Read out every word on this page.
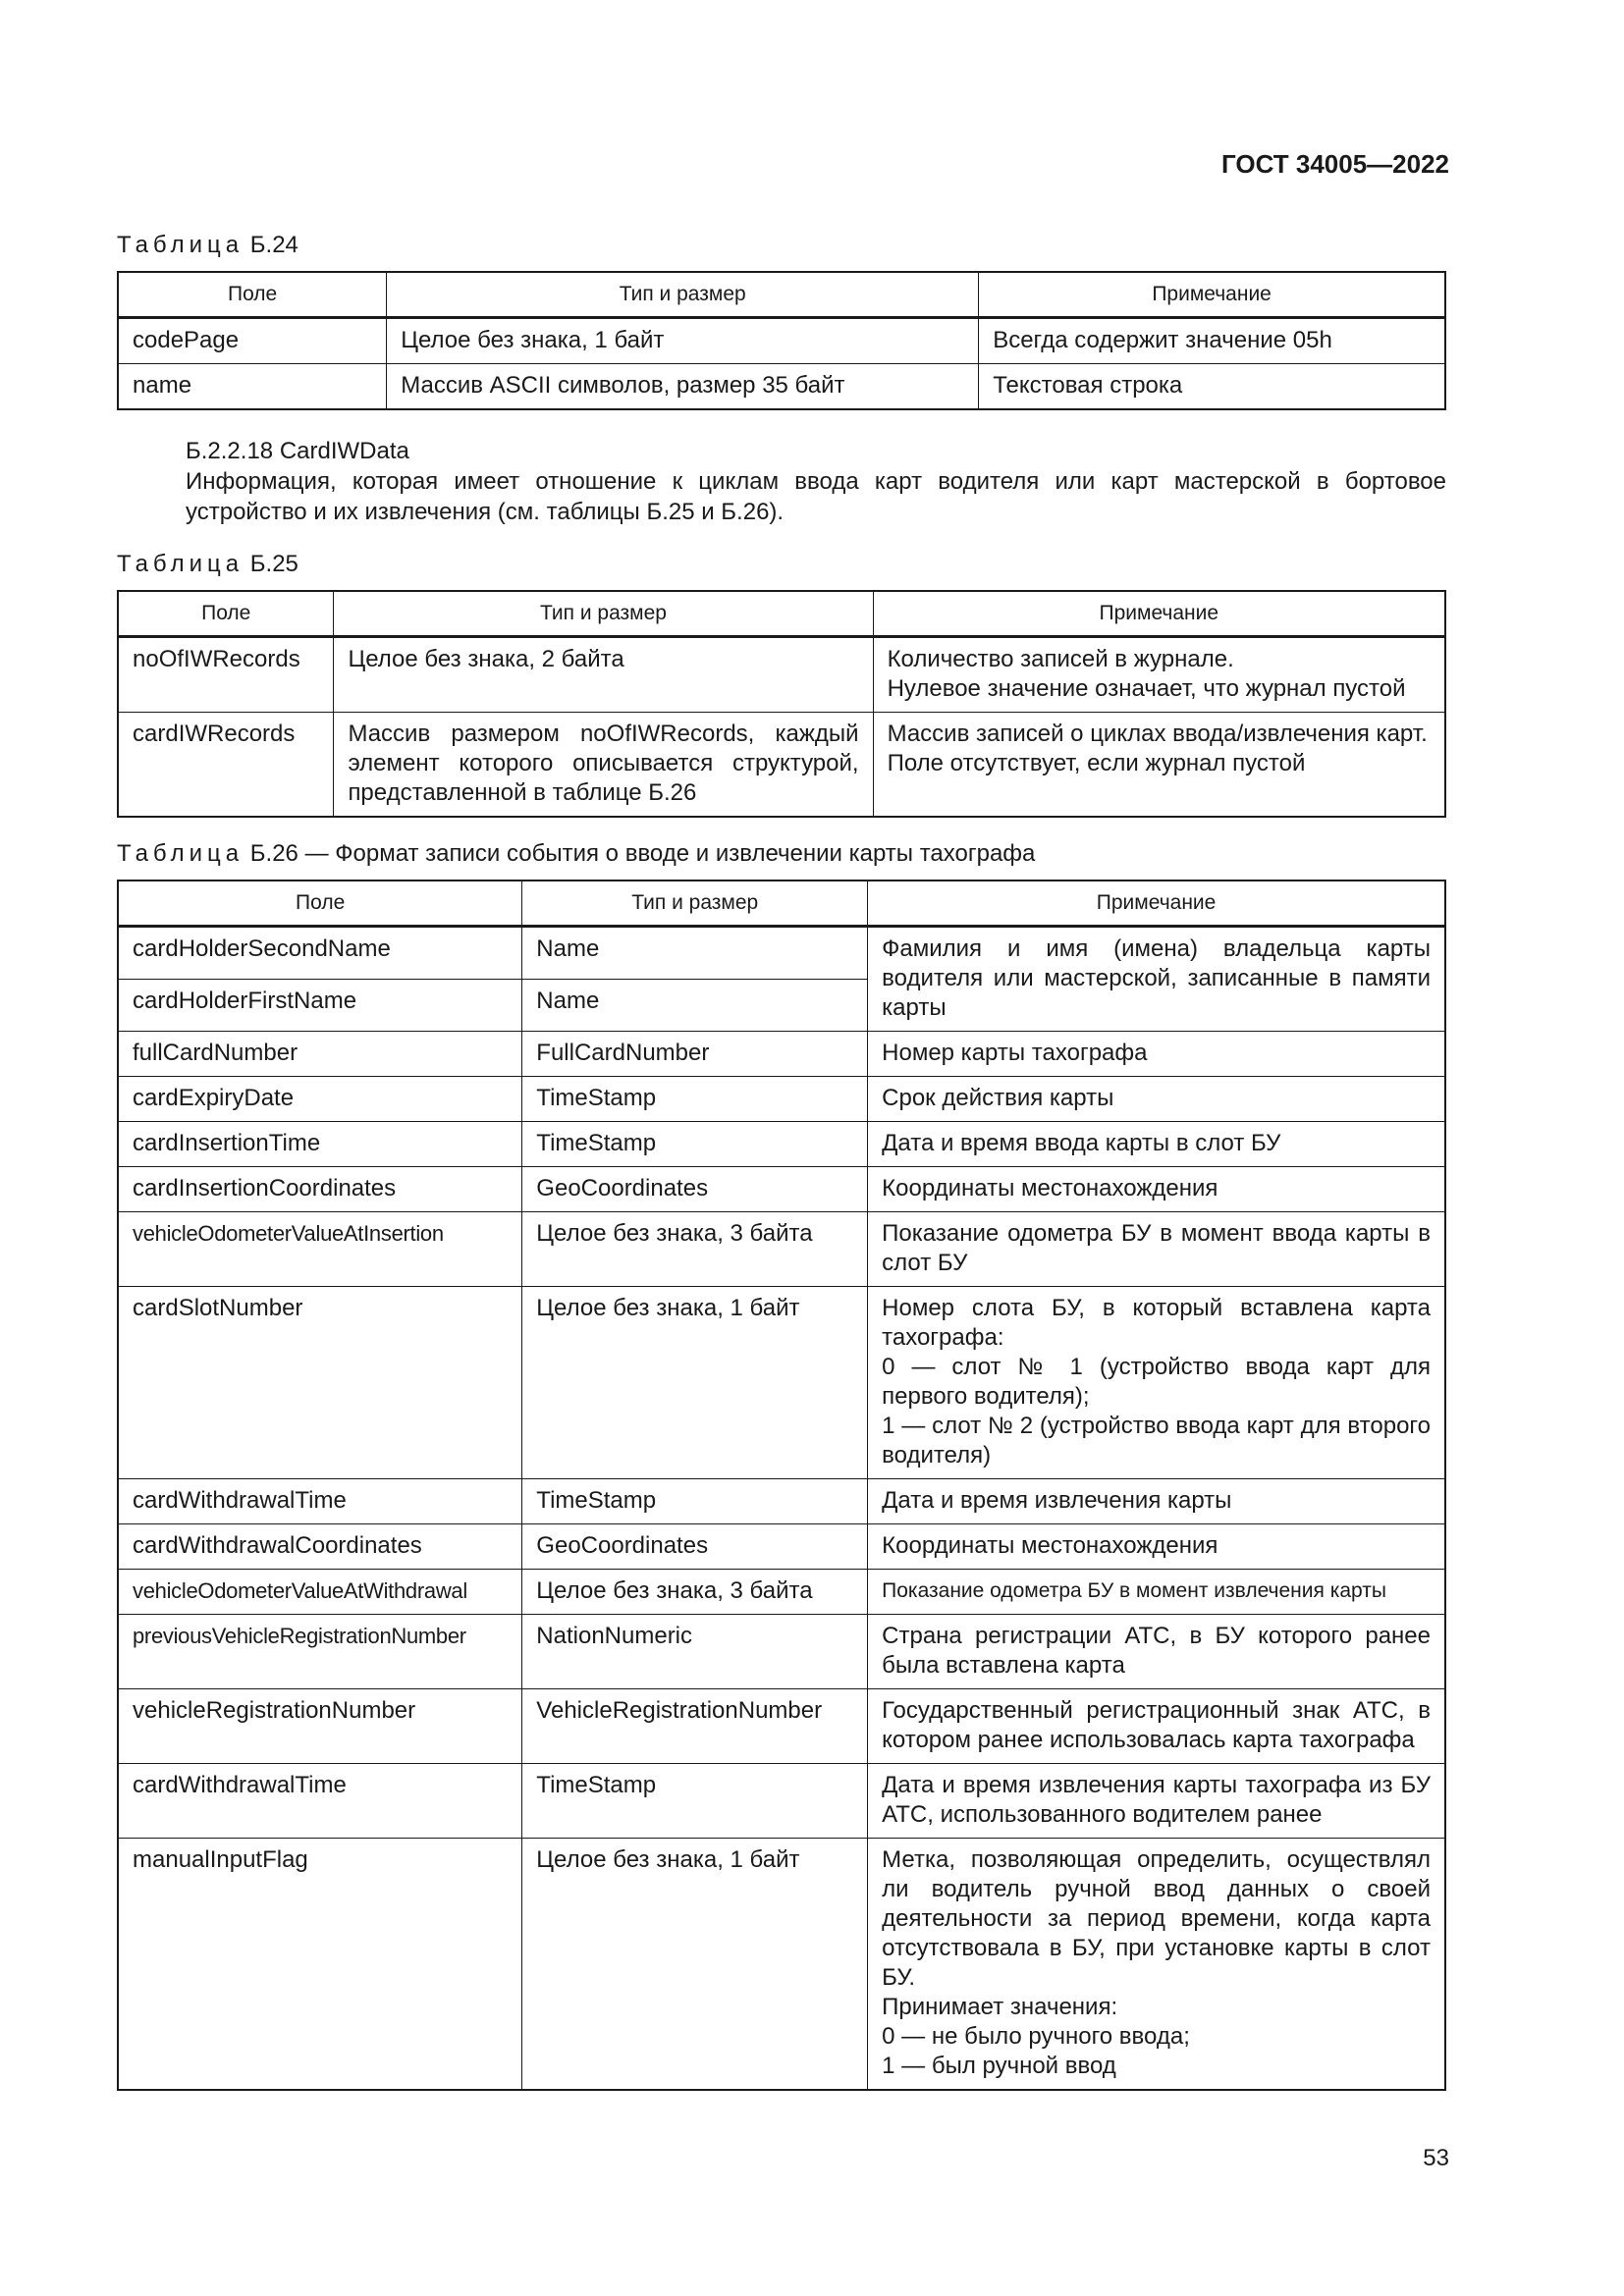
ГОСТ 34005—2022
Таблица Б.24
Поле	Тип и размер	Примечание
codePage	Целое без знака, 1 байт	Всегда содержит значение 05h
name	Массив ASCII символов, размер 35 байт	Текстовая строка
Б.2.2.18 CardIWData
Информация, которая имеет отношение к циклам ввода карт водителя или карт мастерской в бортовое устройство и их извлечения (см. таблицы Б.25 и Б.26).
Таблица Б.25
Поле	Тип и размер	Примечание
noOfIWRecords	Целое без знака, 2 байта	Количество записей в журнале.
Нулевое значение означает, что журнал пустой

cardIWRecords	Массив размером noOfIWRecords, каждый элемент которого описывается структурой, представленной в таблице Б.26	Массив записей о циклах ввода/извлечения карт.
Поле отсутствует, если журнал пустой
Таблица Б.26 — Формат записи события о вводе и извлечении карты тахографа
Поле	Тип и размер	Примечание
cardHolderSecondName	Name	Фамилия и имя (имена) владельца карты водителя или мастерской, записанные в памяти карты
cardHolderFirstName	Name	
fullCardNumber	FullCardNumber	Номер карты тахографа

cardExpiryDate	TimeStamp	Срок действия карты

cardInsertionTime	TimeStamp	Дата и время ввода карты в слот БУ

cardInsertionCoordinates	GeoCoordinates	Координаты местонахождения

vehicleOdometerValueAtInsertion	Целое без знака, 3 байта	Показание одометра БУ в момент ввода карты в слот БУ

cardSlotNumber	Целое без знака, 1 байт	Номер слота БУ, в который вставлена карта тахографа:
0 — слот № 1 (устройство ввода карт для первого водителя);
1 — слот № 2 (устройство ввода карт для второго водителя)

cardWithdrawalTime	TimeStamp	Дата и время извлечения карты

cardWithdrawalCoordinates	GeoCoordinates	Координаты местонахождения

vehicleOdometerValueAtWithdrawal	Целое без знака, 3 байта	Показание одометра БУ в момент извлечения карты

previousVehicleRegistrationNumber	NationNumeric	Страна регистрации АТС, в БУ которого ранее была вставлена карта

vehicleRegistrationNumber	VehicleRegistrationNumber	Государственный регистрационный знак АТС, в котором ранее использовалась карта тахографа

cardWithdrawalTime	TimeStamp	Дата и время извлечения карты тахографа из БУ АТС, использованного водителем ранее

manualInputFlag	Целое без знака, 1 байт	Метка, позволяющая определить, осуществлял ли водитель ручной ввод данных о своей деятельности за период времени, когда карта отсутствовала в БУ, при установке карты в слот БУ.
Принимает значения:
0 — не было ручного ввода;
1 — был ручной ввод
53
